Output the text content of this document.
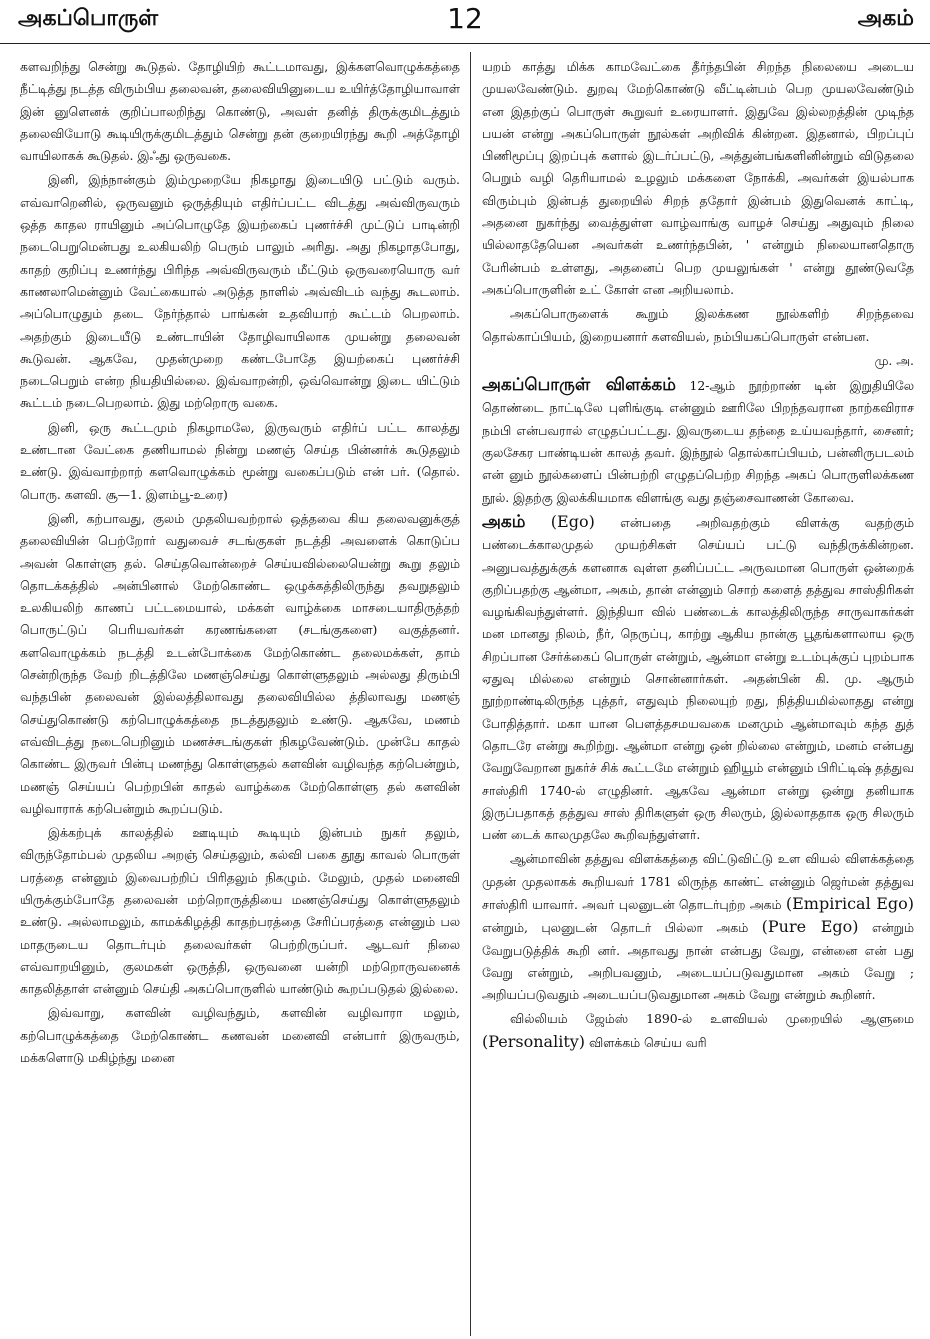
அகப்பொருள்	12	அகம்

களவறிந்து சென்று கூடுதல். தோழியிற் கூட்டமாவது, இக்களவொழுக்கத்தை நீட்டித்து நடத்த விரும்பிய தலைவன், தலைவியினுடைய உயிர்த்தோழியாவாள் இன் னுளெனக் குறிப்பாலறிந்து கொண்டு, அவள் தனித் திருக்குமிடத்தும் தலைவியோடு கூடியிருக்குமிடத்தும் சென்று தன் குறையிரந்து கூறி அத்தோழி வாயிலாகக் கூடுதல். இஃது ஒருவகை.

இனி, இந்நான்கும் இம்முறையே நிகழாது இடையிடு பட்டும் வரும். எவ்வாறெனில், ஒருவனும் ஒருத்தியும் எதிர்ப்பட்ட விடத்து அவ்விருவரும் ஒத்த காதல ராயினும் அப்பொழுதே இயற்கைப் புணர்ச்சி முட்டுப் பாடின்றி நடைபெறுமென்பது உலகியலிற் பெரும் பாலும் அரிது. அது நிகழாதபோது, காதற் குறிப்பு உணர்ந்து பிரிந்த அவ்விருவரும் மீட்டும் ஒருவரையொரு வர் காணலாமென்னும் வேட்கையால் அடுத்த நாளில் அவ்விடம் வந்து கூடலாம். அப்பொழுதும் தடை நேர்ந்தால் பாங்கன் உதவியாற் கூட்டம் பெறலாம். அதற்கும் இடையீடு உண்டாயின் தோழிவாயிலாக முயன்று தலைவன் கூடுவன். ஆகவே, முதன்முறை கண்டபோதே இயற்கைப் புணர்ச்சி நடைபெறும் என்ற நியதியில்லை. இவ்வாறன்றி, ஒவ்வொன்று இடை யிட்டும் கூட்டம் நடைபெறலாம். இது மற்றொரு வகை.

இனி, ஒரு கூட்டமும் நிகழாமலே, இருவரும் எதிர்ப் பட்ட காலத்து உண்டான வேட்கை தணியாமல் நின்று மணஞ் செய்த பின்னர்க் கூடுதலும் உண்டு. இவ்வாற்றாற் களவொழுக்கம் மூன்று வகைப்படும் என் பர். (தொல். பொரு. களவி. சூ—1. இளம்பூ-உரை)

இனி, கற்பாவது, குலம் முதலியவற்றால் ஒத்தவை கிய தலைவனுக்குத் தலைவியின் பெற்றோர் வதுவைச் சடங்குகள் நடத்தி அவளைக் கொடுப்ப அவன் கொள்ளு தல். செய்தவொன்றைச் செய்யவில்லையென்று கூறு தலும் தொடக்கத்தில் அன்பினால் மேற்கொண்ட ஒழுக்கத்திலிருந்து தவறுதலும் உலகியலிற் காணப் பட்டமையால், மக்கள் வாழ்க்கை மாசடையாதிருத்தற் பொருட்டுப் பெரியவர்கள் கரணங்களை (சடங்குகளை) வகுத்தனர். களவொழுக்கம் நடத்தி உடன்போக்கை மேற்கொண்ட தலைமக்கள், தாம் சென்றிருந்த வேற் றிடத்திலே மணஞ்செய்து கொள்ளுதலும் அல்லது திரும்பி வந்தபின் தலைவன் இல்லத்திலாவது தலைவியில்ல த்திலாவது மணஞ் செய்துகொண்டு கற்பொழுக்கத்தை நடத்துதலும் உண்டு. ஆகவே, மணம் எவ்விடத்து நடைபெறினும் மணச்சடங்குகள் நிகழவேண்டும். முன்பே காதல் கொண்ட இருவர் பின்பு மணந்து கொள்ளுதல் களவின் வழிவந்த கற்பென்றும், மணஞ் செய்யப் பெற்றபின் காதல் வாழ்க்கை மேற்கொள்ளு தல் களவின் வழிவாராக் கற்பென்றும் கூறப்படும்.

இக்கற்புக் காலத்தில் ஊடியும் கூடியும் இன்பம் நுகர் தலும், விருந்தோம்பல் முதலிய அறஞ் செய்தலும், கல்வி பகை தூது காவல் பொருள் பரத்தை என்னும் இவைபற்றிப் பிரிதலும் நிகழும். மேலும், முதல் மனைவி யிருக்கும்போதே தலைவன் மற்றொருத்தியை மணஞ்செய்து கொள்ளுதலும் உண்டு. அல்லாமலும், காமக்கிழத்தி காதற்பரத்தை சேரிப்பரத்தை என்னும் பல மாதருடைய தொடர்பும் தலைவர்கள் பெற்றிருப்பர். ஆடவர் நிலை எவ்வாறயினும், குலமகள் ஒருத்தி, ஒருவனை யன்றி மற்றொருவனைக் காதலித்தாள் என்னும் செய்தி அகப்பொருளில் யாண்டும் கூறப்படுதல் இல்லை.

இவ்வாறு, களவின் வழிவந்தும், களவின் வழிவாரா மலும், கற்பொழுக்கத்தை மேற்கொண்ட கணவன் மனைவி என்பார் இருவரும், மக்களொடு மகிழ்ந்து மனை

யறம் காத்து மிக்க காமவேட்கை தீர்ந்தபின் சிறந்த நிலையை அடைய முயலவேண்டும். துறவு மேற்கொண்டு வீட்டின்பம் பெற முயலவேண்டும் என இதற்குப் பொருள் கூறுவர் உரையாளர். இதுவே இல்லறத்தின் முடிந்த பயன் என்று அகப்பொருள் நூல்கள் அறிவிக் கின்றன. இதனால், பிறப்புப் பிணிமூப்பு இறப்புக் களால் இடர்ப்பட்டு, அத்துன்பங்களினின்றும் விடுதலை பெறும் வழி தெரியாமல் உழலும் மக்களை நோக்கி, அவர்கள் இயல்பாக விரும்பும் இன்பத் துறையில் சிறந் ததோர் இன்பம் இதுவெனக் காட்டி, அதனை நுகர்ந்து வைத்துள்ள வாழ்வாங்கு வாழச் செய்து அதுவும் நிலை யில்லாததேயென அவர்கள் உணர்ந்தபின், ' என்றும் நிலையானதொரு பேரின்பம் உள்ளது, அதனைப் பெற முயலுங்கள் ' என்று தூண்டுவதே அகப்பொருளின் உட் கோள் என அறியலாம்.

அகப்பொருளைக் கூறும் இலக்கண நூல்களிற் சிறந்தவை தொல்காப்பியம், இறையனார் களவியல், நம்பியகப்பொருள் என்பன.

மு. அ.

அகப்பொருள் விளக்கம் 12-ஆம் நூற்றாண் டின் இறுதியிலே தொண்டை நாட்டிலே புளிங்குடி என்னும் ஊரிலே பிறந்தவரான நாற்கவிராச நம்பி என்பவரால் எழுதப்பட்டது. இவருடைய தந்தை உய்யவந்தார், சைனர்; குலசேகர பாண்டியன் காலத் தவர். இந்நூல் தொல்காப்பியம், பன்னிருபடலம் என் னும் நூல்களைப் பின்பற்றி எழுதப்பெற்ற சிறந்த அகப் பொருளிலக்கண நூல். இதற்கு இலக்கியமாக விளங்கு வது தஞ்சைவாணன் கோவை.

அகம் (Ego) என்பதை அறிவதற்கும் விளக்கு வதற்கும் பண்டைக்காலமுதல் முயற்சிகள் செய்யப் பட்டு வந்திருக்கின்றன. அனுபவத்துக்குக் களனாக வுள்ள தனிப்பட்ட அருவமான பொருள் ஒன்றைக் குறிப்பதற்கு ஆன்மா, அகம், தான் என்னும் சொற் களைத் தத்துவ சாஸ்திரிகள் வழங்கிவந்துள்ளர். இந்தியா வில் பண்டைக் காலத்திலிருந்த சாருவாகர்கள் மன மானது நிலம், நீர், நெருப்பு, காற்று ஆகிய நான்கு பூதங்களாலாய ஒரு சிறப்பான சேர்க்கைப் பொருள் என்றும், ஆன்மா என்று உடம்புக்குப் புறம்பாக ஏதுவு மில்லை என்றும் சொன்னார்கள். அதன்பின் கி. மு. ஆரும் நூற்றாண்டிலிருந்த புத்தர், எதுவும் நிலையுற் றது, நித்தியமில்லாதது என்று போதித்தார். மகா யான பௌத்தசமயவகை மனமும் ஆன்மாவும் கந்த துத் தொடரே என்று கூறிற்று. ஆன்மா என்று ஒன் றில்லை என்றும், மனம் என்பது வேறுவேறான நுகர்ச் சிக் கூட்டமே என்றும் ஹியூம் என்னும் பிரிட்டிஷ் தத்துவ சாஸ்திரி 1740-ல் எழுதினர். ஆகவே ஆன்மா என்று ஒன்று தனியாக இருப்பதாகத் தத்துவ சாஸ் திரிகளுள் ஒரு சிலரும், இல்லாததாக ஒரு சிலரும் பண் டைக் காலமுதலே கூறிவந்துள்ளர்.

ஆன்மாவின் தத்துவ விளக்கத்தை விட்டுவிட்டு உள வியல் விளக்கத்தை முதன் முதலாகக் கூறியவர் 1781 லிருந்த காண்ட் என்னும் ஜெர்மன் தத்துவ சாஸ்திரி யாவார். அவர் புலனுடன் தொடர்புற்ற அகம் (Empirical Ego) என்றும், புலனுடன் தொடர் பில்லா அகம் (Pure Ego) என்றும் வேறுபடுத்திக் கூறி னர். அதாவது நான் என்பது வேறு, என்னை என் பது வேறு என்றும், அறிபவனும், அடையப்படுவதுமான அகம் வேறு ; அறியப்படுவதும் அடையப்படுவதுமான அகம் வேறு என்றும் கூறினர்.

வில்லியம் ஜேம்ஸ் 1890-ல் உளவியல் முறையில் ஆளுமை (Personality) விளக்கம் செய்ய வரி
